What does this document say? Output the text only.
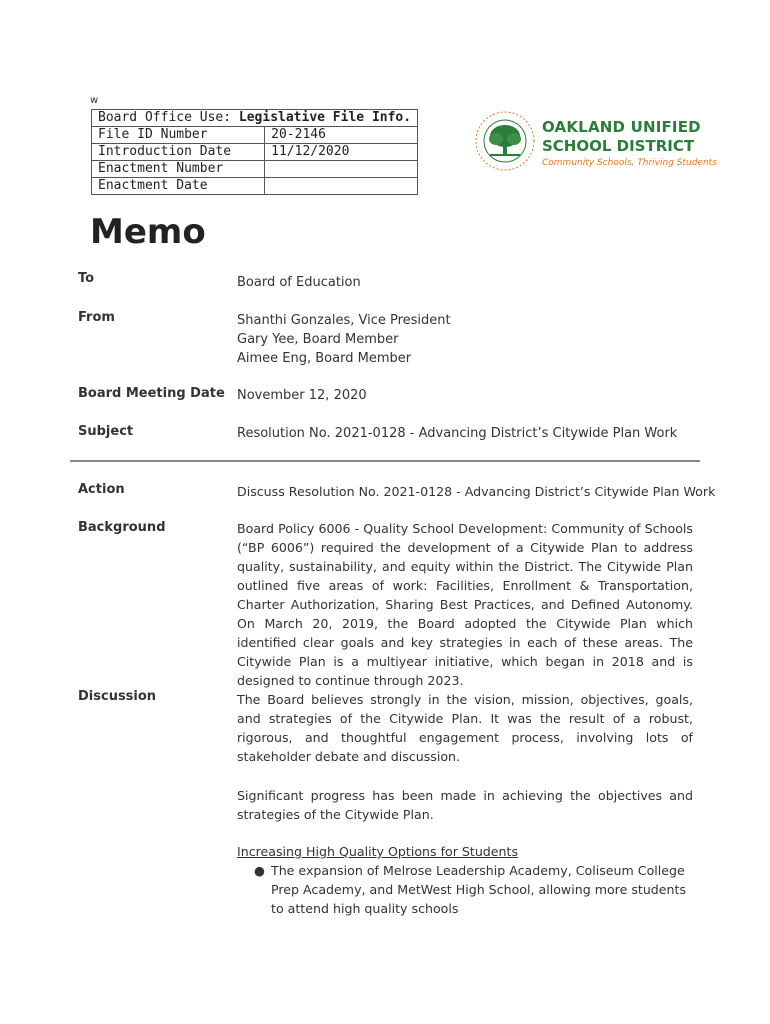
w
Board Office Use: Legislative File Info.	
File ID Number	20-2146
Introduction Date	11/12/2020
Enactment Number	
Enactment Date	
OAKLAND UNIFIED
SCHOOL DISTRICT
Community Schools, Thriving Students
Memo
To	Board of Education
From	Shanthi Gonzales, Vice President
Gary Yee, Board Member
Aimee Eng, Board Member
Board Meeting Date November 12, 2020
Subject	Resolution No. 2021-0128 - Advancing District’s Citywide Plan Work
Action	Discuss Resolution No. 2021-0128 - Advancing District’s Citywide Plan Work
Background	Board Policy 6006 - Quality School Development: Community of Schools (“BP 6006”) required the development of a Citywide Plan to address quality, sustainability, and equity within the District. The Citywide Plan outlined five areas of work: Facilities, Enrollment & Transportation, Charter Authorization, Sharing Best Practices, and Defined Autonomy. On March 20, 2019, the Board adopted the Citywide Plan which identified clear goals and key strategies in each of these areas. The Citywide Plan is a multiyear initiative, which began in 2018 and is designed to continue through 2023.
Discussion	The Board believes strongly in the vision, mission, objectives, goals, and strategies of the Citywide Plan. It was the result of a robust, rigorous, and thoughtful engagement process, involving lots of stakeholder debate and discussion.
Significant progress has been made in achieving the objectives and strategies of the Citywide Plan.
Increasing High Quality Options for Students
● The expansion of Melrose Leadership Academy, Coliseum College Prep Academy, and MetWest High School, allowing more students to attend high quality schools
